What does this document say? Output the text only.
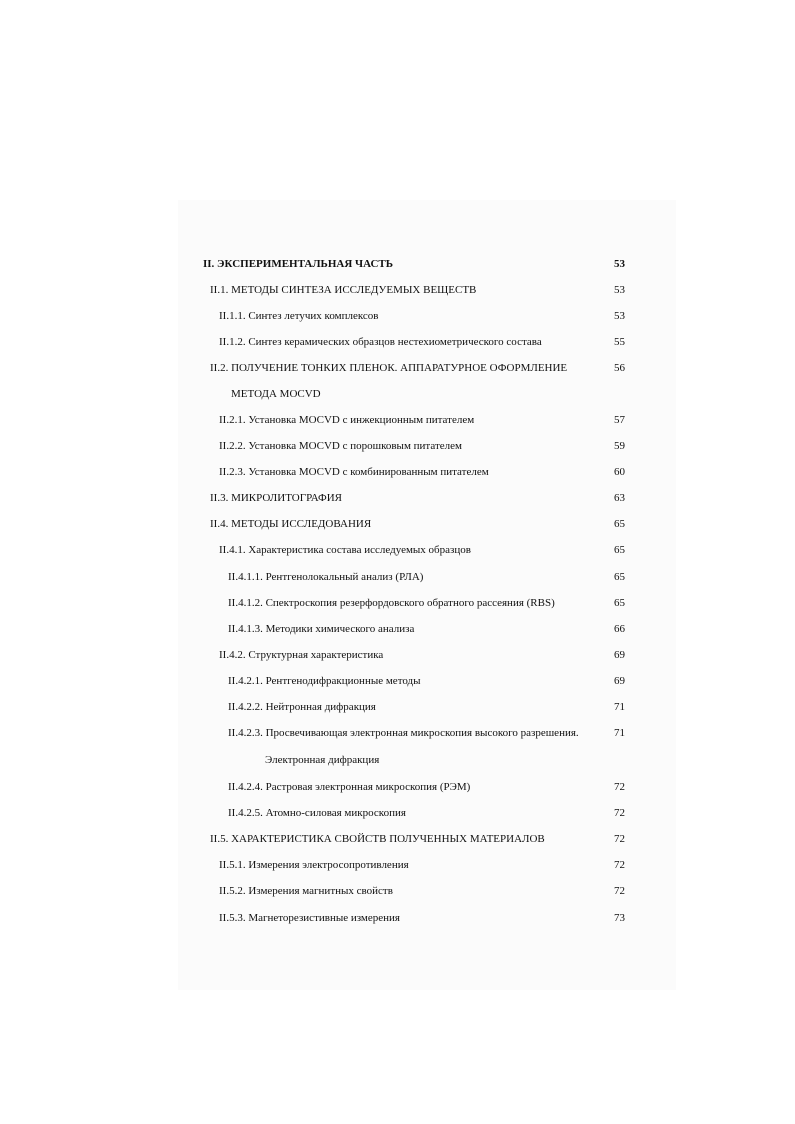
II. ЭКСПЕРИМЕНТАЛЬНАЯ ЧАСТЬ	53
II.1. МЕТОДЫ СИНТЕЗА ИССЛЕДУЕМЫХ ВЕЩЕСТВ	53
II.1.1. Синтез летучих комплексов	53
II.1.2. Синтез керамических образцов нестехиометрического состава	55
II.2. ПОЛУЧЕНИЕ ТОНКИХ ПЛЕНОК. АППАРАТУРНОЕ ОФОРМЛЕНИЕ	56
МЕТОДА MOCVD
II.2.1. Установка MOCVD с инжекционным питателем	57
II.2.2. Установка MOCVD с порошковым питателем	59
II.2.3. Установка MOCVD с комбинированным питателем	60
II.3. МИКРОЛИТОГРАФИЯ	63
II.4. МЕТОДЫ ИССЛЕДОВАНИЯ	65
II.4.1. Характеристика состава исследуемых образцов	65
II.4.1.1. Рентгенолокальный анализ (РЛА)	65
II.4.1.2. Спектроскопия резерфордовского обратного рассеяния (RBS)	65
II.4.1.3. Методики химического анализа	66
II.4.2. Структурная характеристика	69
II.4.2.1. Рентгенодифракционные методы	69
II.4.2.2. Нейтронная дифракция	71
II.4.2.3. Просвечивающая электронная микроскопия высокого разрешения.	71
Электронная дифракция
II.4.2.4. Растровая электронная микроскопия (РЭМ)	72
II.4.2.5. Атомно-силовая микроскопия	72
II.5. ХАРАКТЕРИСТИКА СВОЙСТВ ПОЛУЧЕННЫХ МАТЕРИАЛОВ	72
II.5.1. Измерения электросопротивления	72
II.5.2. Измерения магнитных свойств	72
II.5.3. Магнеторезистивные измерения	73
